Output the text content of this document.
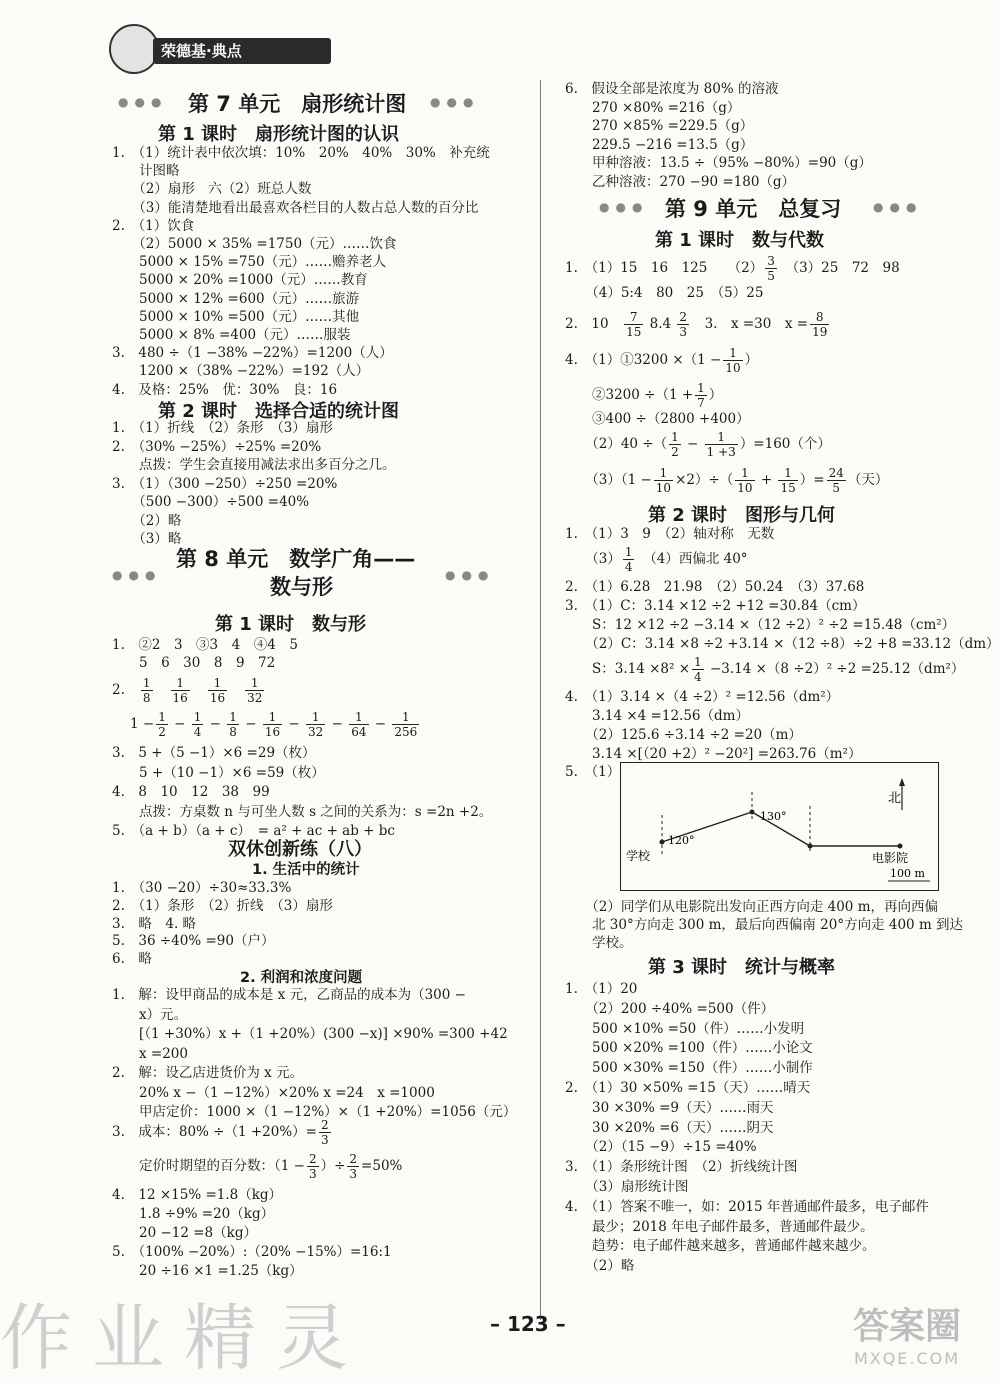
荣德基·典点
●●● 第 7 单元　扇形统计图 ●●●
第 1 课时　扇形统计图的认识
1.　（1）统计表中依次填：10%　20%　40%　30%　补充统
　　计图略
　　（2）扇形　六（2）班总人数
　　（3）能清楚地看出最喜欢各栏目的人数占总人数的百分比
2.　（1）饮食
　　（2）5000 × 35% =1750（元）……饮食
　　5000 × 15% =750（元）……赡养老人
　　5000 × 20% =1000（元）……教育
　　5000 × 12% =600（元）……旅游
　　5000 × 10% =500（元）……其他
　　5000 × 8% =400（元）……服装
3.　480 ÷（1 −38% −22%）=1200（人）
　　1200 ×（38% −22%）=192（人）
4.　及格：25%　优：30%　良：16
第 2 课时　选择合适的统计图
1.　（1）折线　（2）条形　（3）扇形
2.　（30% −25%）÷25% =20%
　　点拨：学生会直接用减法求出多百分之几。
3.　（1）（300 −250）÷250 =20%
　　（500 −300）÷500 =40%
　　（2）略
　　（3）略
●●●
第 8 单元　数学广角——
数与形	●●●
第 1 课时　数与形
1.　②2　3　③3　4　④4　5
　　5　6　30　8　9　72
2. $\frac{1}{8} \frac{1}{16} \frac{1}{16} \frac{1}{32}$
$1 - \frac{1}{2} - \frac{1}{4} - \frac{1}{8} - \frac{1}{16} - \frac{1}{32} - \frac{1}{64} - \frac{1}{256}$
3.　5 +（5 −1）×6 =29（枚）
　　5 +（10 −1）×6 =59（枚）
4.　8　10　12　38　99
　　点拨：方桌数 n 与可坐人数 s 之间的关系为：s =2n +2。
5.　（a + b）（a + c）　= a² + ac + ab + bc
双休创新练（八）
1. 生活中的统计
1.　（30 −20）÷30≈33.3%
2.　（1）条形　（2）折线　（3）扇形
3.　略　4. 略
5.　36 ÷40% =90（户）
6.　略
2. 利润和浓度问题
1.　解：设甲商品的成本是 x 元，乙商品的成本为（300 −
　　x）元。
　　[（1 +30%）x +（1 +20%）(300 −x)] ×90% =300 +42
　　x =200
2.　解：设乙店进货价为 x 元。
　　20% x −（1 −12%）×20% x =24　x =1000
　　甲店定价：1000 ×（1 −12%）×（1 +20%）=1056（元）
3.　成本：$80\% \div(1 +20\%)= \frac{2}{3}$
　　定价时期望的百分数：（$1 - \frac{2}{3}$ ）÷ $\frac{2}{3} =50\%$
4.　12 ×15% =1.8（kg）
　　1.8 ÷9% =20（kg）
　　20 −12 =8（kg）
5.　（100% −20%）:（20% −15%）=16:1
　　20 ÷16 ×1 =1.25（kg）
6.　假设全部是浓度为 80% 的溶液
　　270 ×80% =216（g）
　　270 ×85% =229.5（g）
　　229.5 −216 =13.5（g）
　　甲种溶液：13.5 ÷（95% −80%）=90（g）
　　乙种溶液：270 −90 =180（g）
●●● 第 9 单元　总复习	●●●
第 1 课时　数与代数
1.　（1）15　16　125　　$(2) \frac{3}{5}$ 　（3）25　72　98
　　（4）5:4　80　25　（5）25
2.　10　 $\frac{7}{15} 8.4 \frac{2}{3}$
　 3.　x =30　$x = \frac{8}{19}$
4.　（1）①3200 $\times(1 - \frac{1}{10}$ ）
　　②3200 $\div(1 + \frac{1}{7}$ ）
　　③400 ÷（2800 +400）
　　（2）40 ÷（ $\frac{1}{2} - \frac{1}{1 +3} )=160$（个）
　　$(3)(1 - \frac{1}{10} \times 2)\div( \frac{1}{10} + \frac{1}{15}$ ）= $\frac{24}{5}$ （天）
第 2 课时　图形与几何
1.　（1）3　9　（2）轴对称　无数
　　$(3) \frac{1}{4}$ 　（4）西偏北 40°
2.　（1）6.28　21.98　（2）50.24　（3）37.68
3.　（1）C：3.14 ×12 ÷2 +12 =30.84（cm）
　　S：12 ×12 ÷2 −3.14 ×（12 ÷2）² ÷2 =15.48（cm²）
　　（2）C：3.14 ×8 ÷2 +3.14 ×（12 ÷8）÷2 +8 =33.12（dm）
　　S：$3.14 \times 8^2 \times \frac{1}{4} -3.14 \times(8 \div 2)^2 \div 2 =25.12(dm^2)$
4.　（1）3.14 ×（4 ÷2）² =12.56（dm²）
　　3.14 ×4 =12.56（dm）
　　（2）125.6 ÷3.14 ÷2 =20（m）
　　3.14 ×[（20 +2）² −20²] =263.76（m²）
5.　（1）
北
学校
120°
130°
电影院
100 m
　　（2）同学们从电影院出发向正西方向走 400 m，再向西偏
　　北 30°方向走 300 m，最后向西偏南 20°方向走 400 m 到达
　　学校。
第 3 课时　统计与概率
1.　（1）20
　　（2）200 ÷40% =500（件）
　　500 ×10% =50（件）……小发明
　　500 ×20% =100（件）……小论文
　　500 ×30% =150（件）……小制作
2.　（1）30 ×50% =15（天）……晴天
　　30 ×30% =9（天）……雨天
　　30 ×20% =6（天）……阴天
　　（2）（15 −9）÷15 =40%
3.　（1）条形统计图　（2）折线统计图
　　（3）扇形统计图
4.　（1）答案不唯一，如：2015 年普通邮件最多，电子邮件
　　最少；2018 年电子邮件最多，普通邮件最少。
　　趋势：电子邮件越来越多，普通邮件越来越少。
　　（2）略
– 123 –
作业精灵	答案圈
MXQE.COM
